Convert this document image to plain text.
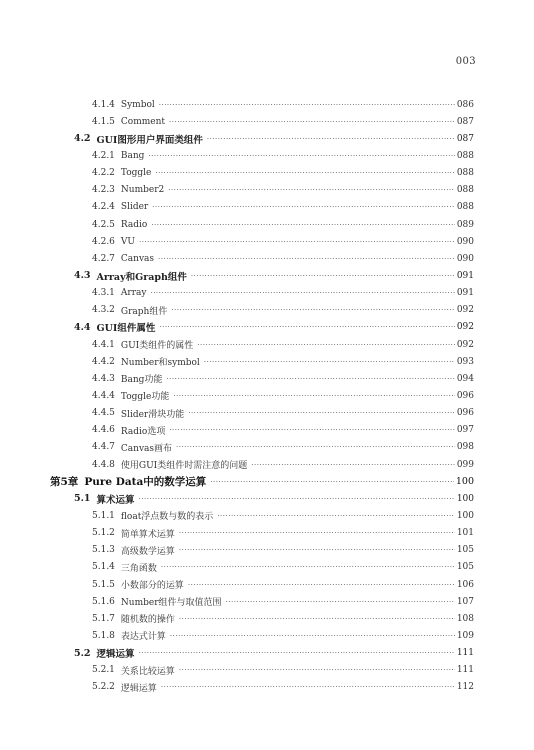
003
4.1.4 Symbol ·····	086
4.1.5 Comment ·····	087
4.2 GUI图形用户界面类组件 ·····	087
4.2.1 Bang ·····	088
4.2.2 Toggle ·····	088
4.2.3 Number2 ·····	088
4.2.4 Slider ·····	088
4.2.5 Radio ·····	089
4.2.6 VU ·····	090
4.2.7 Canvas ·····	090
4.3 Array和Graph组件 ·····	091
4.3.1 Array ·····	091
4.3.2 Graph组件 ·····	092
4.4 GUI组件属性 ·····	092
4.4.1 GUI类组件的属性 ·····	092
4.4.2 Number和symbol ·····	093
4.4.3 Bang功能 ·····	094
4.4.4 Toggle功能 ·····	096
4.4.5 Slider滑块功能 ·····	096
4.4.6 Radio选项 ·····	097
4.4.7 Canvas画布 ·····	098
4.4.8 使用GUI类组件时需注意的问题 ·····	099
第5章 Pure Data中的数学运算 ·····	100
5.1 算术运算 ·····	100
5.1.1 float浮点数与数的表示 ·····	100
5.1.2 简单算术运算 ·····	101
5.1.3 高级数学运算 ·····	105
5.1.4 三角函数 ·····	105
5.1.5 小数部分的运算 ·····	106
5.1.6 Number组件与取值范围 ·····	107
5.1.7 随机数的操作 ·····	108
5.1.8 表达式计算 ·····	109
5.2 逻辑运算 ·····	111
5.2.1 关系比较运算 ·····	111
5.2.2 逻辑运算 ·····	112
